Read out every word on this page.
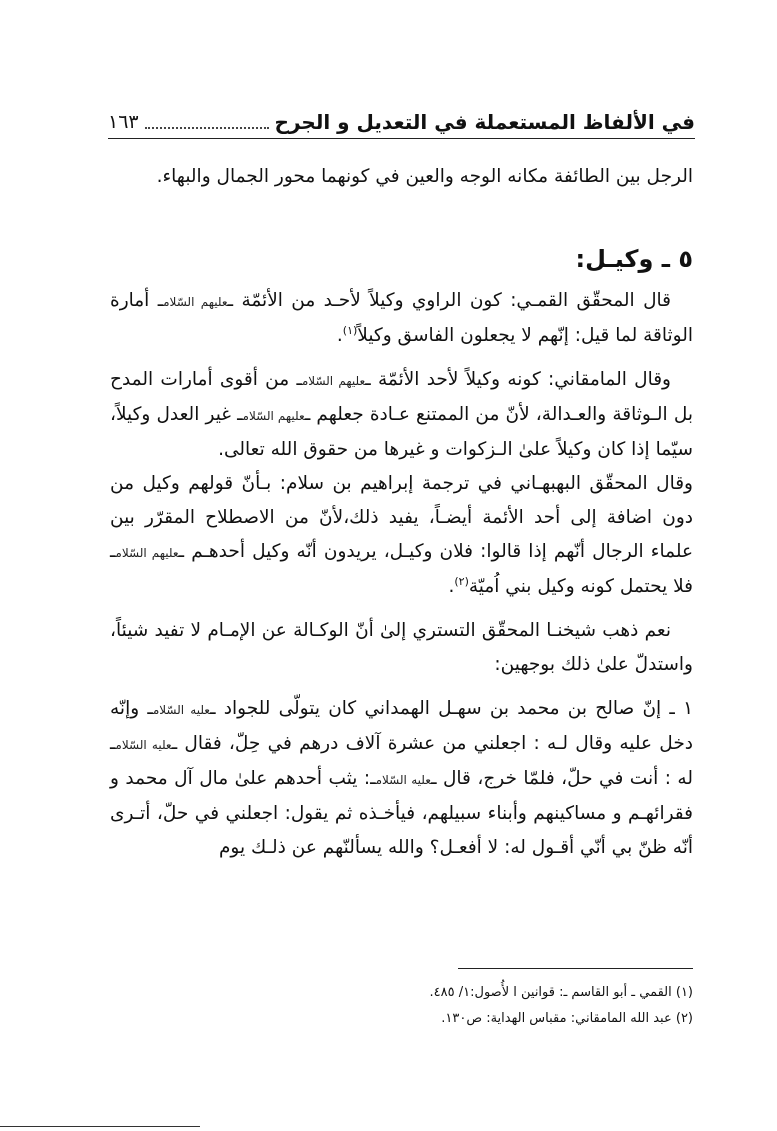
في الألفاظ المستعملة في التعديل و الجرح
١٦٣

الرجل بين الطائفة مكانه الوجه والعين في كونهما محور الجمال والبهاء.

٥ ـ وكيـل:

قال المحقّق القمـي: كون الراوي وكيلاً لأحـد من الأئمّة ـعليهم السّلامـ أمارة الوثاقة لما قيل: إنّهم لا يجعلون الفاسق وكيلاً$^{(١)}$.

وقال المامقاني: كونه وكيلاً لأحد الأئمّة ـعليهم السّلامـ من أقوى أمارات المدح بل الـوثاقة والعـدالة، لأنّ من الممتنع عـادة جعلهم ـعليهم السّلامـ غير العدل وكيلاً، سيّما إذا كان وكيلاً علىٰ الـزكوات و غيرها من حقوق الله تعالى.

وقال المحقّق البهبهـاني في ترجمة إبراهيم بن سلام: بـأنّ قولهم وكيل من دون اضافة إلى أحد الأئمة أيضـاً، يفيد ذلك،لأنّ من الاصطلاح المقرّر بين علماء الرجال أنّهم إذا قالوا: فلان وكيـل، يريدون أنّه وكيل أحدهـم ـعليهم السّلامـ فلا يحتمل كونه وكيل بني اُميّة$^{(٢)}$.

نعم ذهب شيخنـا المحقّق التستري إلىٰ أنّ الوكـالة عن الإمـام لا تفيد شيئاً، واستدلّ علىٰ ذلك بوجهين:

١ ـ إنّ صالح بن محمد بن سهـل الهمداني كان يتولّى للجواد ـعليه السّلامـ وإنّه دخل عليه وقال لـه : اجعلني من عشرة آلاف درهم في حِلّ، فقال ـعليه السّلامـ له : أنت في حلّ، فلمّا خرج، قال ـعليه السّلامـ: يثب أحدهم علىٰ مال آل محمد و فقرائهـم و مساكينهم وأبناء سبيلهم، فيأخـذه ثم يقول: اجعلني في حلّ، أتـرى أنّه ظنّ بي أنّي أقـول له: لا أفعـل؟ والله يسألنّهم عن ذلـك يوم

(١) القمي ـ أبو القاسم ـ: قوانين ا لأُصول:١/ ٤٨٥.
(٢) عبد الله المامقاني: مقباس الهداية: ص١٣٠.
